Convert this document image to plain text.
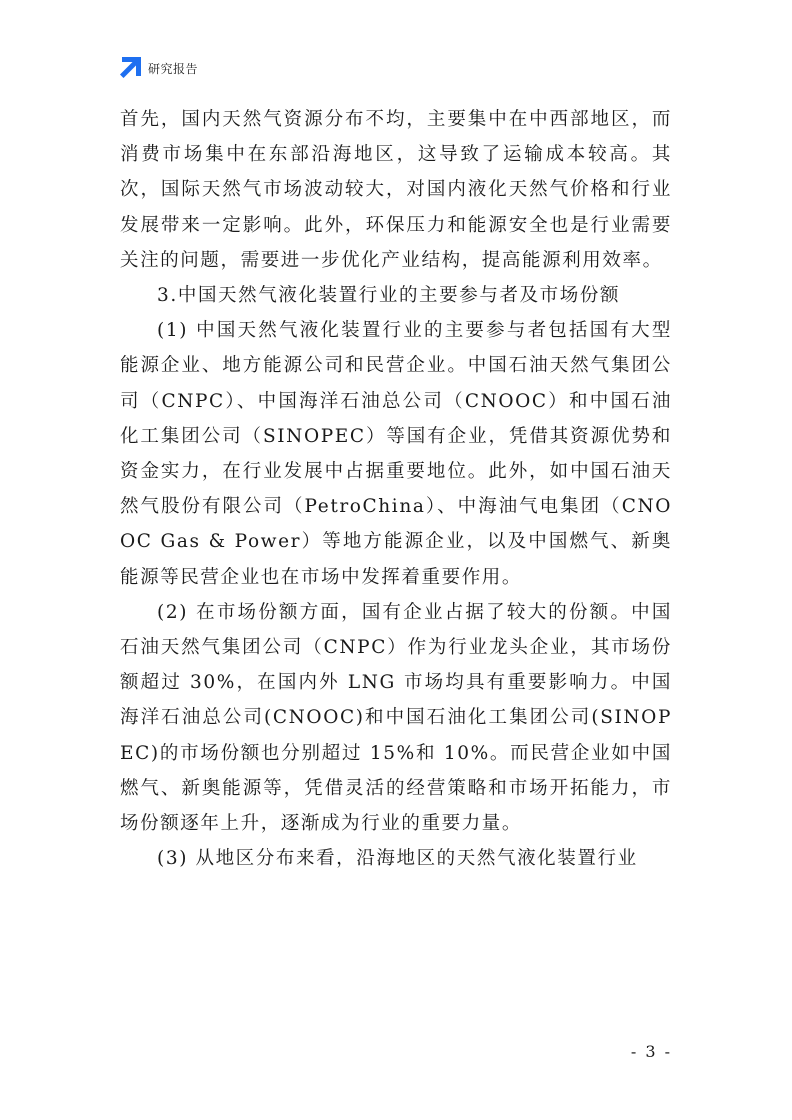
研究报告

首先，国内天然气资源分布不均，主要集中在中西部地区，而消费市场集中在东部沿海地区，这导致了运输成本较高。其次，国际天然气市场波动较大，对国内液化天然气价格和行业发展带来一定影响。此外，环保压力和能源安全也是行业需要关注的问题，需要进一步优化产业结构，提高能源利用效率。

3.中国天然气液化装置行业的主要参与者及市场份额

(1) 中国天然气液化装置行业的主要参与者包括国有大型能源企业、地方能源公司和民营企业。中国石油天然气集团公司（CNPC）、中国海洋石油总公司（CNOOC）和中国石油化工集团公司（SINOPEC）等国有企业，凭借其资源优势和资金实力，在行业发展中占据重要地位。此外，如中国石油天然气股份有限公司（PetroChina）、中海油气电集团（CNOOC Gas & Power）等地方能源企业，以及中国燃气、新奥能源等民营企业也在市场中发挥着重要作用。

(2) 在市场份额方面，国有企业占据了较大的份额。中国石油天然气集团公司（CNPC）作为行业龙头企业，其市场份额超过 30%，在国内外 LNG 市场均具有重要影响力。中国海洋石油总公司(CNOOC)和中国石油化工集团公司(SINOPEC)的市场份额也分别超过 15%和 10%。而民营企业如中国燃气、新奥能源等，凭借灵活的经营策略和市场开拓能力，市场份额逐年上升，逐渐成为行业的重要力量。

(3) 从地区分布来看，沿海地区的天然气液化装置行业

- 3 -
